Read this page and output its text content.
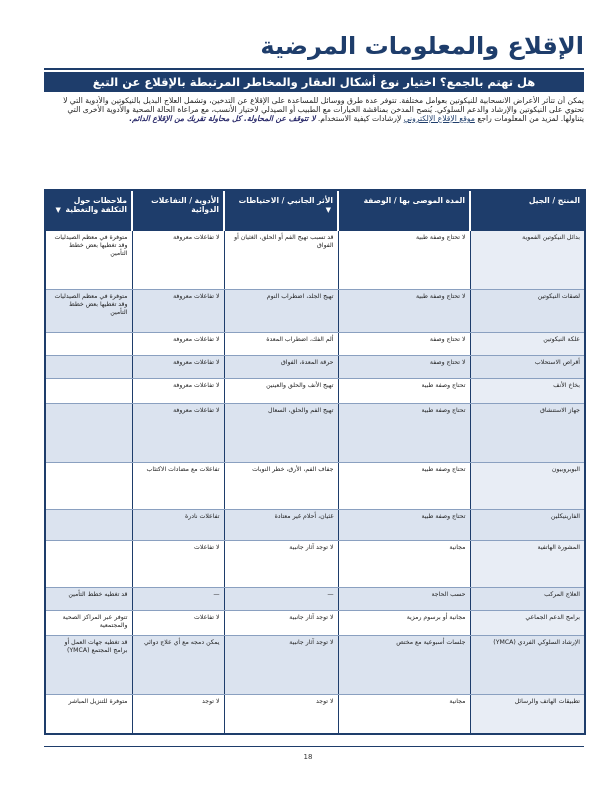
الإقلاع والمعلومات المرضية
هل تهتم بالجمع؟ اختيار نوع أشكال العقار والمخاطر المرتبطة بالإقلاع عن التبغ

يمكن أن تتأثر الأعراض الانسحابية للنيكوتين بعوامل مختلفة. تتوفر عدة طرق ووسائل للمساعدة على الإقلاع عن التدخين، وتشمل العلاج البديل بالنيكوتين والأدوية التي لا تحتوي على النيكوتين والإرشاد والدعم السلوكي. يُنصح المدخن بمناقشة الخيارات مع الطبيب أو الصيدلي لاختيار الأنسب، مع مراعاة الحالة الصحية والأدوية الأخرى التي يتناولها. لمزيد من المعلومات راجع موقع الإقلاع الإلكتروني لإرشادات كيفية الاستخدام. لا تتوقف عن المحاولة. كل محاولة تقربك من الإقلاع الدائم.

المنتج / الجيل	المدة الموصى بها / الوصفة	الأثر الجانبي / الاحتياطات ▼	الأدوية / التفاعلات الدوائية	ملاحظات حول التكلفة والتغطية ▼
بدائل النيكوتين الفموية	لا تحتاج وصفة طبية	قد تسبب تهيج الفم أو الحلق، الغثيان أو الفواق	لا تفاعلات معروفة	متوفرة في معظم الصيدليات وقد تغطيها بعض خطط التأمين
لصقات النيكوتين	لا تحتاج وصفة طبية	تهيج الجلد، اضطراب النوم	لا تفاعلات معروفة	متوفرة في معظم الصيدليات وقد تغطيها بعض خطط التأمين
علكة النيكوتين	لا تحتاج وصفة	ألم الفك، اضطراب المعدة	لا تفاعلات معروفة	
أقراص الاستحلاب	لا تحتاج وصفة	حرقة المعدة، الفواق	لا تفاعلات معروفة	
بخاخ الأنف	تحتاج وصفة طبية	تهيج الأنف والحلق والعينين	لا تفاعلات معروفة	
جهاز الاستنشاق	تحتاج وصفة طبية	تهيج الفم والحلق، السعال	لا تفاعلات معروفة	
البوبروبيون	تحتاج وصفة طبية	جفاف الفم، الأرق، خطر النوبات	تفاعلات مع مضادات الاكتئاب	
الفارينيكلين	تحتاج وصفة طبية	غثيان، أحلام غير معتادة	تفاعلات نادرة	
المشورة الهاتفية	مجانية	لا توجد آثار جانبية	لا تفاعلات	
العلاج المركب	حسب الحاجة	—	—	قد تغطيه خطط التأمين
برامج الدعم الجماعي	مجانية أو برسوم رمزية	لا توجد آثار جانبية	لا تفاعلات	تتوفر عبر المراكز الصحية والمجتمعية
الإرشاد السلوكي الفردي (YMCA)	جلسات أسبوعية مع مختص	لا توجد آثار جانبية	يمكن دمجه مع أي علاج دوائي	قد تغطيه جهات العمل أو برامج المجتمع (YMCA)
تطبيقات الهاتف والرسائل	مجانية	لا توجد	لا توجد	متوفرة للتنزيل المباشر
18
